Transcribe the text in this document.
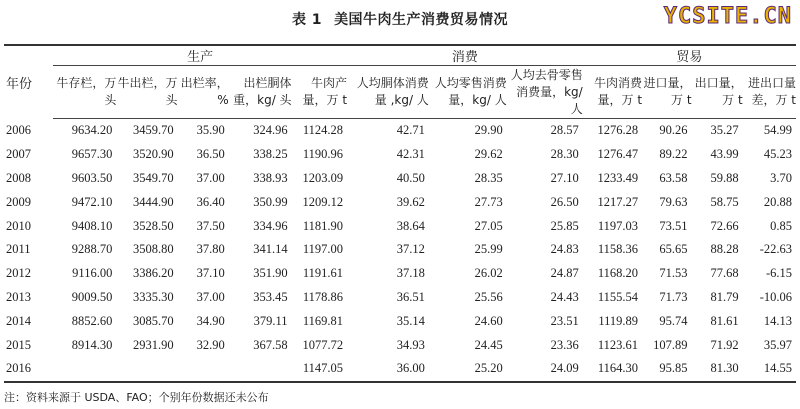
表 1 美国牛肉生产消费贸易情况	YCSITE.CN
年份	生产					消费			贸易			
	牛存栏，万头	牛出栏，万头	出栏率，%	出栏胴体重，kg/ 头	牛肉产量，万 t	人均胴体消费量 ,kg/ 人	人均零售消费量，kg/ 人	人均去骨零售消费量，kg/ 人	牛肉消费量，万 t	进口量，万 t	出口量，万 t	进出口量差，万 t
2006	9634.20	3459.70	35.90	324.96	1124.28	42.71	29.90	28.57	1276.28	90.26	35.27	54.99
2007	9657.30	3520.90	36.50	338.25	1190.96	42.31	29.62	28.30	1276.47	89.22	43.99	45.23
2008	9603.50	3549.70	37.00	338.93	1203.09	40.50	28.35	27.10	1233.49	63.58	59.88	3.70
2009	9472.10	3444.90	36.40	350.99	1209.12	39.62	27.73	26.50	1217.27	79.63	58.75	20.88
2010	9408.10	3528.50	37.50	334.96	1181.90	38.64	27.05	25.85	1197.03	73.51	72.66	0.85
2011	9288.70	3508.80	37.80	341.14	1197.00	37.12	25.99	24.83	1158.36	65.65	88.28	-22.63
2012	9116.00	3386.20	37.10	351.90	1191.61	37.18	26.02	24.87	1168.20	71.53	77.68	-6.15
2013	9009.50	3335.30	37.00	353.45	1178.86	36.51	25.56	24.43	1155.54	71.73	81.79	-10.06
2014	8852.60	3085.70	34.90	379.11	1169.81	35.14	24.60	23.51	1119.89	95.74	81.61	14.13
2015	8914.30	2931.90	32.90	367.58	1077.72	34.93	24.45	23.36	1123.61	107.89	71.92	35.97
2016					1147.05	36.00	25.20	24.09	1164.30	95.85	81.30	14.55
注：资料来源于 USDA、FAO；个别年份数据还未公布
